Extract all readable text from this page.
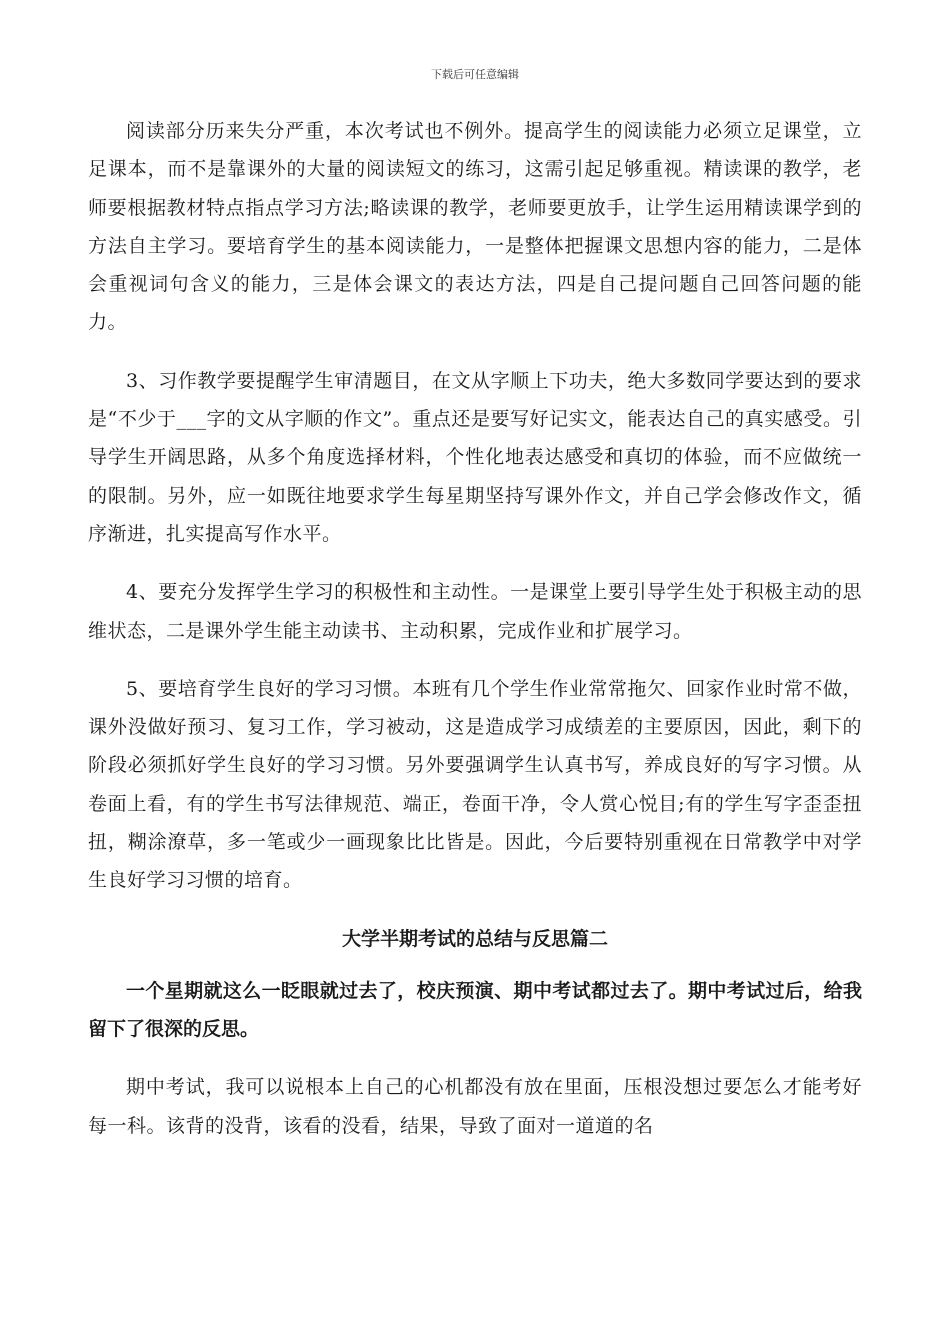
下载后可任意编辑

阅读部分历来失分严重，本次考试也不例外。提高学生的阅读能力必须立足课堂，立足课本，而不是靠课外的大量的阅读短文的练习，这需引起足够重视。精读课的教学，老师要根据教材特点指点学习方法;略读课的教学，老师要更放手，让学生运用精读课学到的方法自主学习。要培育学生的基本阅读能力，一是整体把握课文思想内容的能力，二是体会重视词句含义的能力，三是体会课文的表达方法，四是自己提问题自己回答问题的能力。

3、习作教学要提醒学生审清题目，在文从字顺上下功夫，绝大多数同学要达到的要求是“不少于___字的文从字顺的作文”。重点还是要写好记实文，能表达自己的真实感受。引导学生开阔思路，从多个角度选择材料，个性化地表达感受和真切的体验，而不应做统一的限制。另外，应一如既往地要求学生每星期坚持写课外作文，并自己学会修改作文，循序渐进，扎实提高写作水平。

4、要充分发挥学生学习的积极性和主动性。一是课堂上要引导学生处于积极主动的思维状态，二是课外学生能主动读书、主动积累，完成作业和扩展学习。

5、要培育学生良好的学习习惯。本班有几个学生作业常常拖欠、回家作业时常不做，课外没做好预习、复习工作，学习被动，这是造成学习成绩差的主要原因，因此，剩下的阶段必须抓好学生良好的学习习惯。另外要强调学生认真书写，养成良好的写字习惯。从卷面上看，有的学生书写法律规范、端正，卷面干净，令人赏心悦目;有的学生写字歪歪扭扭，糊涂潦草，多一笔或少一画现象比比皆是。因此，今后要特别重视在日常教学中对学生良好学习习惯的培育。

大学半期考试的总结与反思篇二

一个星期就这么一眨眼就过去了，校庆预演、期中考试都过去了。期中考试过后，给我留下了很深的反思。

期中考试，我可以说根本上自己的心机都没有放在里面，压根没想过要怎么才能考好每一科。该背的没背，该看的没看，结果，导致了面对一道道的名
